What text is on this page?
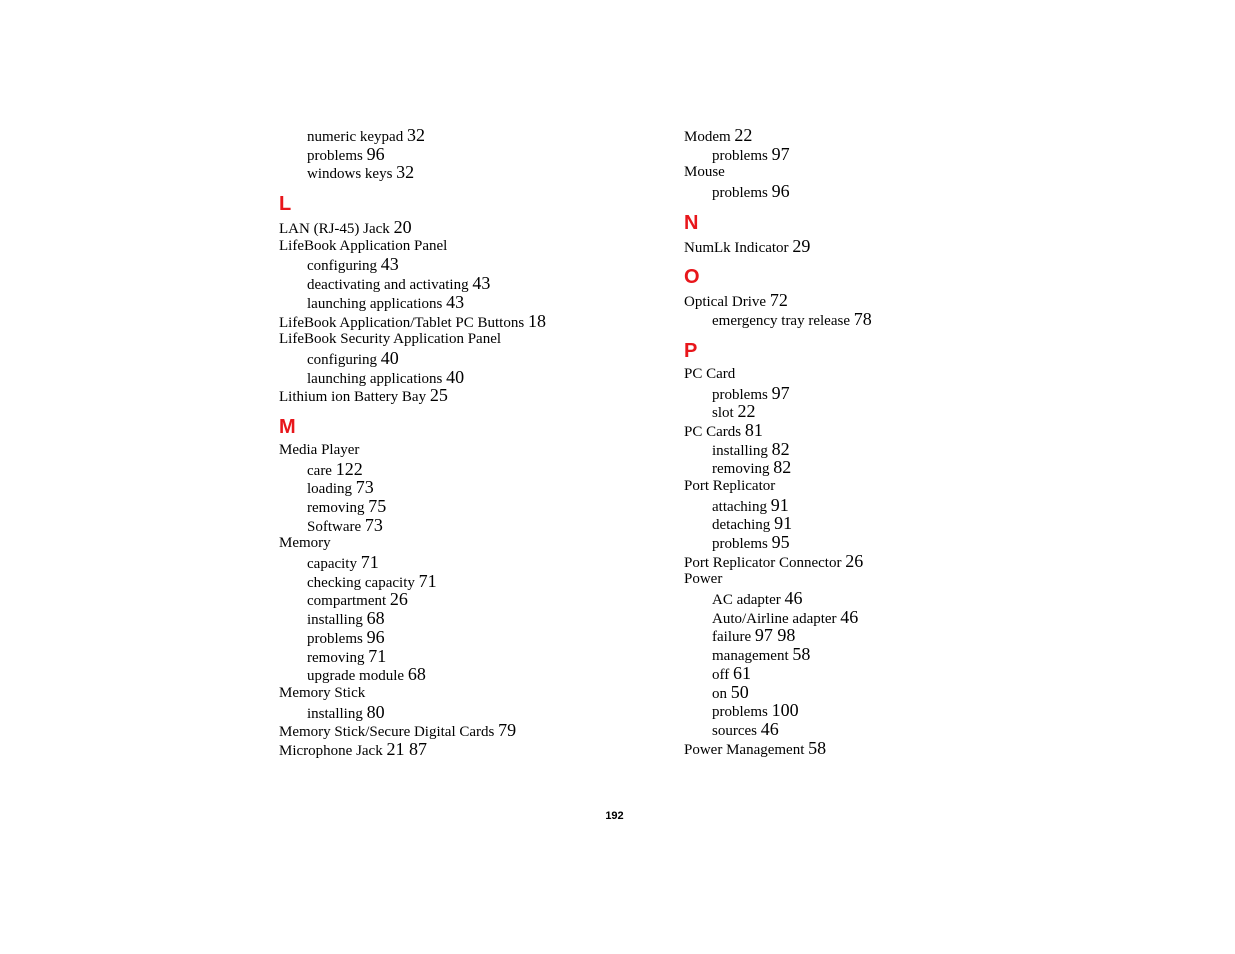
numeric keypad 32
problems 96
windows keys 32
L
LAN (RJ-45) Jack 20
LifeBook Application Panel
configuring 43
deactivating and activating 43
launching applications 43
LifeBook Application/Tablet PC Buttons 18
LifeBook Security Application Panel
configuring 40
launching applications 40
Lithium ion Battery Bay 25
M
Media Player
care 122
loading 73
removing 75
Software 73
Memory
capacity 71
checking capacity 71
compartment 26
installing 68
problems 96
removing 71
upgrade module 68
Memory Stick
installing 80
Memory Stick/Secure Digital Cards 79
Microphone Jack 21 87
Modem 22
problems 97
Mouse
problems 96
N
NumLk Indicator 29
O
Optical Drive 72
emergency tray release 78
P
PC Card
problems 97
slot 22
PC Cards 81
installing 82
removing 82
Port Replicator
attaching 91
detaching 91
problems 95
Port Replicator Connector 26
Power
AC adapter 46
Auto/Airline adapter 46
failure 97 98
management 58
off 61
on 50
problems 100
sources 46
Power Management 58
192
